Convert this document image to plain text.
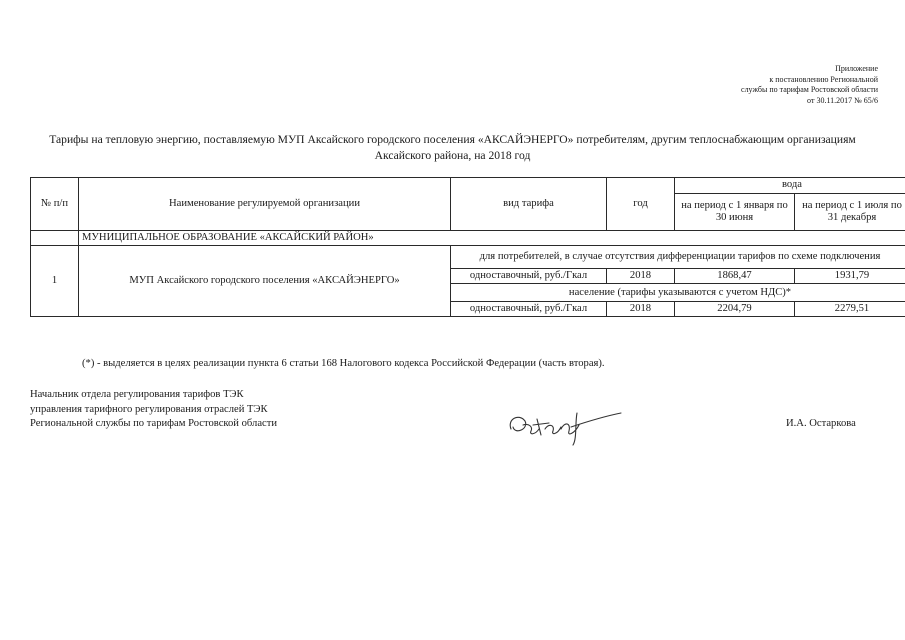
Приложение
к постановлению Региональной
службы по тарифам Ростовской области
от 30.11.2017 № 65/6
Тарифы на тепловую энергию, поставляемую МУП Аксайского городского поселения «АКСАЙЭНЕРГО» потребителям, другим теплоснабжающим организациям
Аксайского района, на 2018 год
№ п/п	Наименование регулируемой организации	вид тарифа	год	вода	
				на период с 1 января по 30 июня	на период с 1 июля по 31 декабря
	МУНИЦИПАЛЬНОЕ ОБРАЗОВАНИЕ «АКСАЙСКИЙ РАЙОН»				
1	МУП Аксайского городского поселения «АКСАЙЭНЕРГО»	для потребителей, в случае отсутствия дифференциации тарифов по схеме подключения			
		одноставочный, руб./Гкал	2018	1868,47	1931,79
		население (тарифы указываются с учетом НДС)*			
		одноставочный, руб./Гкал	2018	2204,79	2279,51
(*) - выделяется в целях реализации пункта 6 статьи 168 Налогового кодекса Российской Федерации (часть вторая).
Начальник отдела регулирования тарифов ТЭК
управления тарифного регулирования отраслей ТЭК
Региональной службы по тарифам Ростовской области	И.А. Остаркова
